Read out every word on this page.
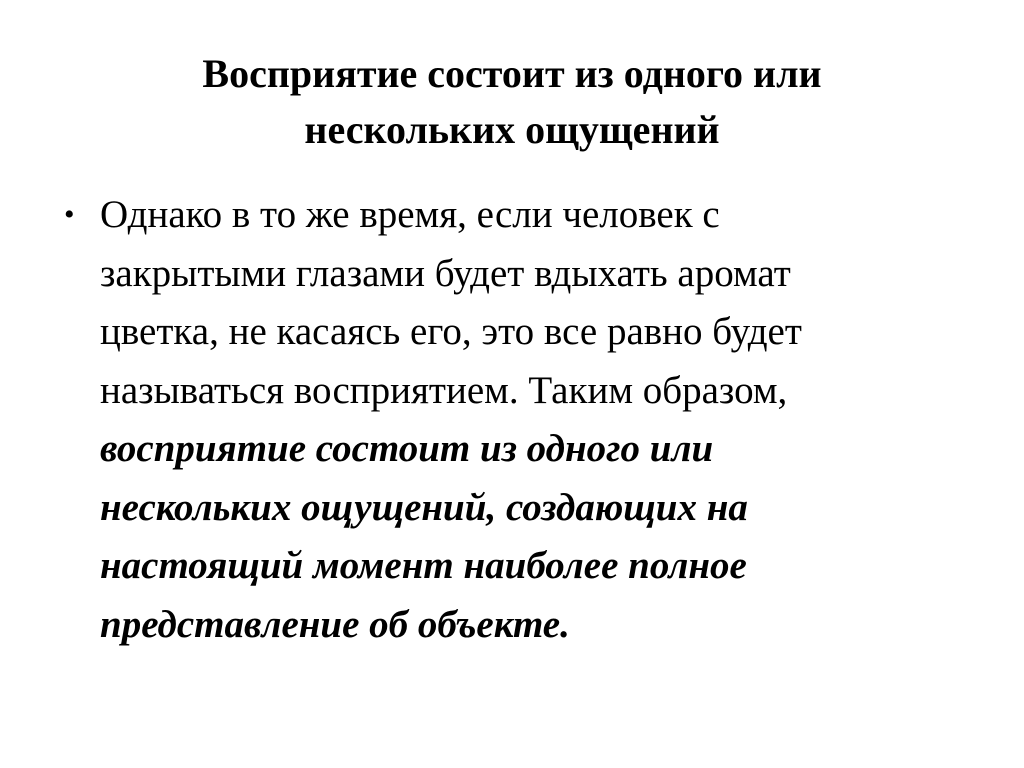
Восприятие состоит из одного или
нескольких ощущений
• Однако в то же время, если человек с
закрытыми глазами будет вдыхать аромат
цветка, не касаясь его, это все равно будет
называться восприятием. Таким образом,
восприятие состоит из одного или
нескольких ощущений, создающих на
настоящий момент наиболее полное
представление об объекте.
